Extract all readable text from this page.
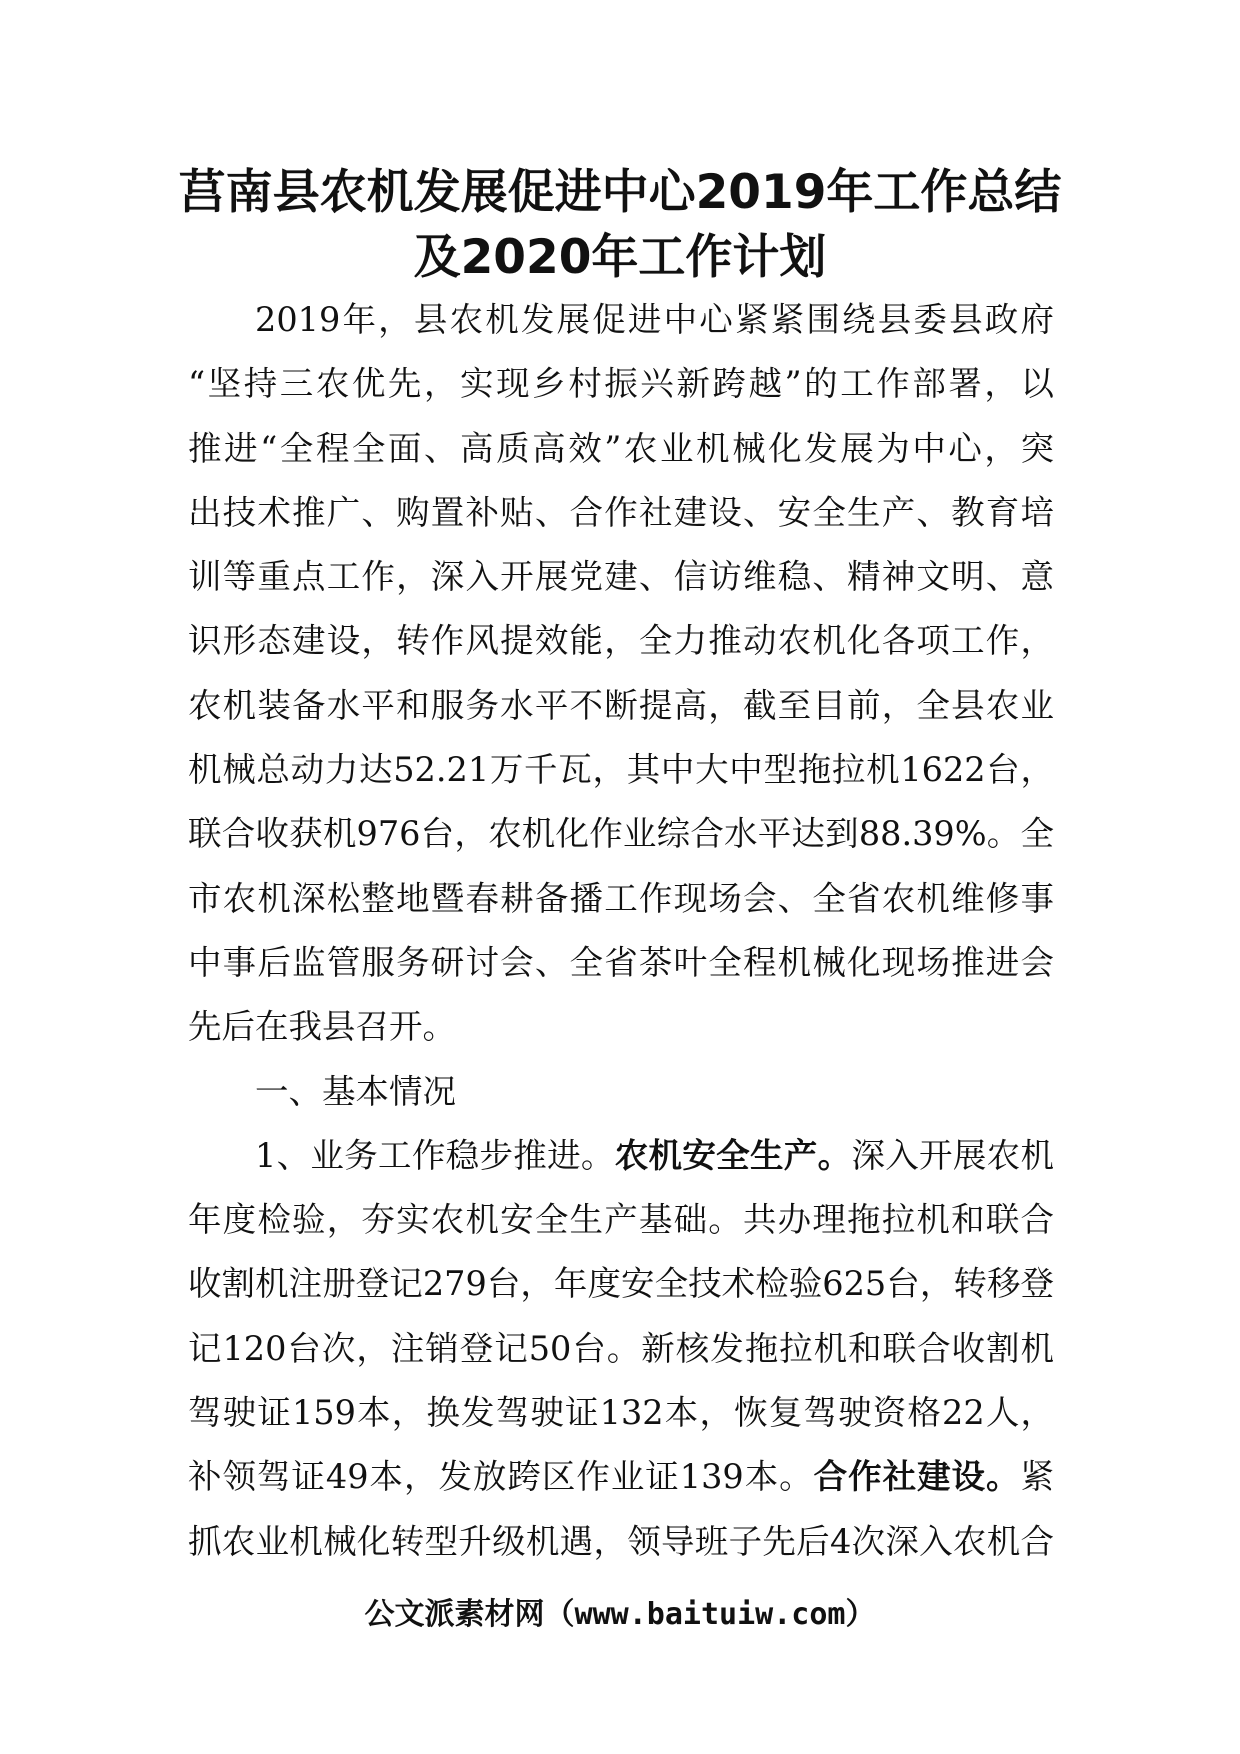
莒南县农机发展促进中心2019年工作总结
及2020年工作计划
2019年，县农机发展促进中心紧紧围绕县委县政府
“坚持三农优先，实现乡村振兴新跨越”的工作部署，以
推进“全程全面、高质高效”农业机械化发展为中心，突
出技术推广、购置补贴、合作社建设、安全生产、教育培
训等重点工作，深入开展党建、信访维稳、精神文明、意
识形态建设，转作风提效能，全力推动农机化各项工作，
农机装备水平和服务水平不断提高，截至目前，全县农业
机械总动力达52.21万千瓦，其中大中型拖拉机1622台，
联合收获机976台，农机化作业综合水平达到88.39%。全
市农机深松整地暨春耕备播工作现场会、全省农机维修事
中事后监管服务研讨会、全省茶叶全程机械化现场推进会
先后在我县召开。
一、基本情况
1、业务工作稳步推进。农机安全生产。深入开展农机
年度检验，夯实农机安全生产基础。共办理拖拉机和联合
收割机注册登记279台，年度安全技术检验625台，转移登
记120台次，注销登记50台。新核发拖拉机和联合收割机
驾驶证159本，换发驾驶证132本，恢复驾驶资格22人，
补领驾证49本，发放跨区作业证139本。合作社建设。紧
抓农业机械化转型升级机遇，领导班子先后4次深入农机合
公文派素材网（www.baituiw.com）
